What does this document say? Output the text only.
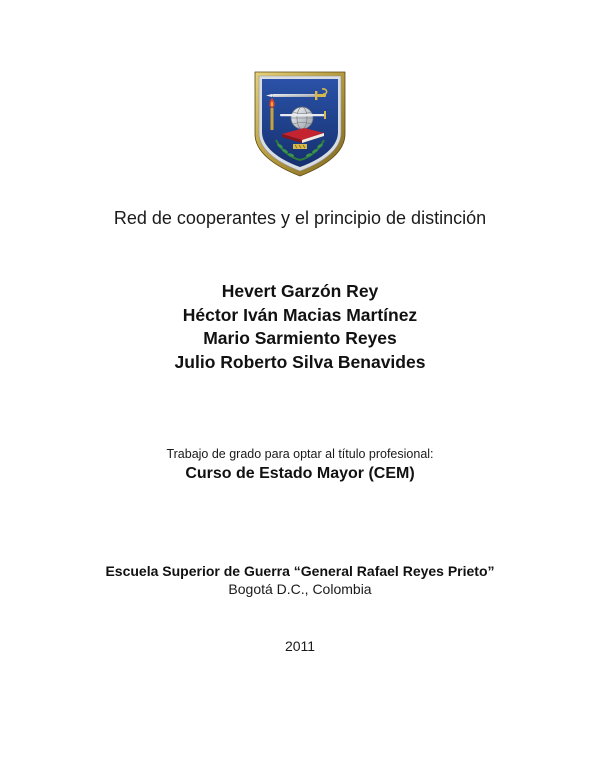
Red de cooperantes y el principio de distinción
Hevert Garzón Rey
Héctor Iván Macias Martínez
Mario Sarmiento Reyes
Julio Roberto Silva Benavides
Trabajo de grado para optar al título profesional:
Curso de Estado Mayor (CEM)
Escuela Superior de Guerra “General Rafael Reyes Prieto”
Bogotá D.C., Colombia
2011
